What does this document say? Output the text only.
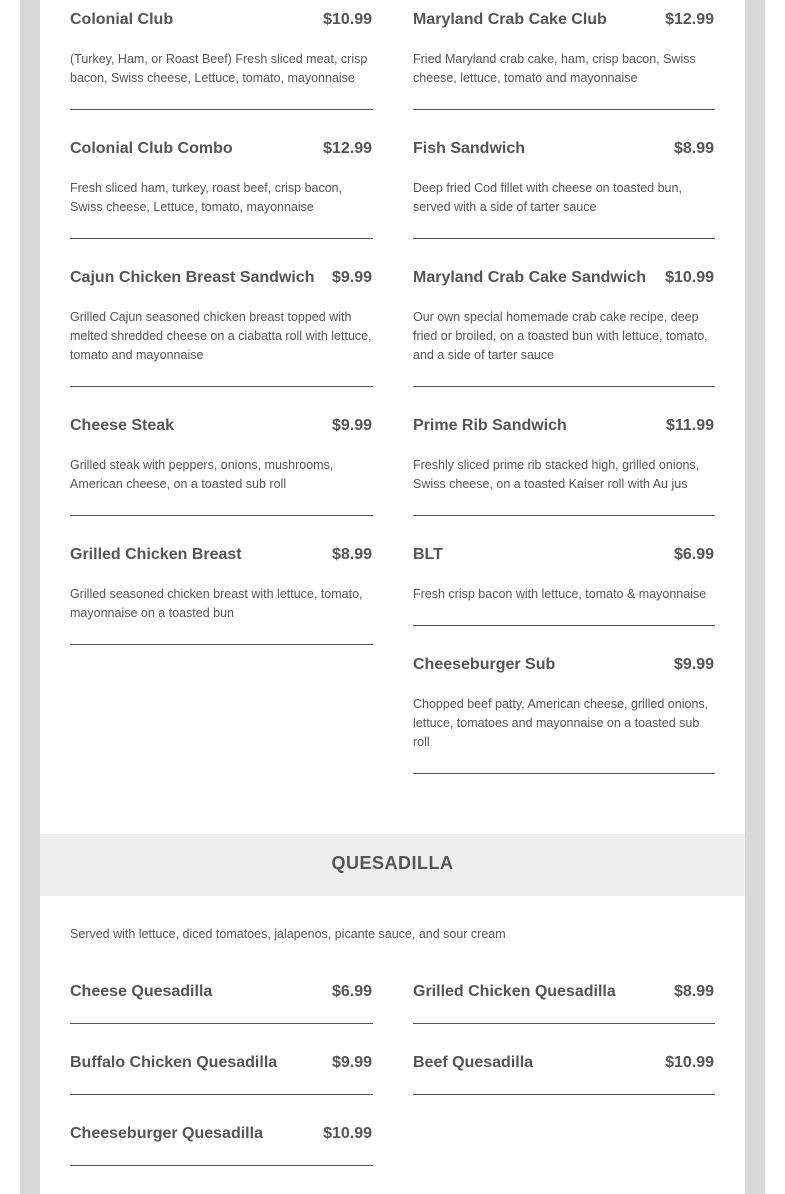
Colonial Club	$10.99
(Turkey, Ham, or Roast Beef) Fresh sliced meat, crisp bacon, Swiss cheese, Lettuce, tomato, mayonnaise
Colonial Club Combo	$12.99
Fresh sliced ham, turkey, roast beef, crisp bacon, Swiss cheese, Lettuce, tomato, mayonnaise
Cajun Chicken Breast Sandwich $9.99
Grilled Cajun seasoned chicken breast topped with melted shredded cheese on a ciabatta roll with lettuce, tomato and mayonnaise
Cheese Steak	$9.99
Grilled steak with peppers, onions, mushrooms, American cheese, on a toasted sub roll
Grilled Chicken Breast	$8.99
Grilled seasoned chicken breast with lettuce, tomato, mayonnaise on a toasted bun
Maryland Crab Cake Club	$12.99
Fried Maryland crab cake, ham, crisp bacon, Swiss cheese, lettuce, tomato and mayonnaise
Fish Sandwich	$8.99
Deep fried Cod fillet with cheese on toasted bun, served with a side of tarter sauce
Maryland Crab Cake Sandwich $10.99
Our own special homemade crab cake recipe, deep fried or broiled, on a toasted bun with lettuce, tomato, and a side of tarter sauce
Prime Rib Sandwich	$11.99
Freshly sliced prime rib stacked high, grilled onions, Swiss cheese, on a toasted Kaiser roll with Au jus
BLT	$6.99
Fresh crisp bacon with lettuce, tomato & mayonnaise
Cheeseburger Sub	$9.99
Chopped beef patty, American cheese, grilled onions, lettuce, tomatoes and mayonnaise on a toasted sub roll
QUESADILLA
Served with lettuce, diced tomatoes, jalapenos, picante sauce, and sour cream
Cheese Quesadilla	$6.99
Buffalo Chicken Quesadilla	$9.99
Cheeseburger Quesadilla	$10.99
Grilled Chicken Quesadilla	$8.99
Beef Quesadilla	$10.99
